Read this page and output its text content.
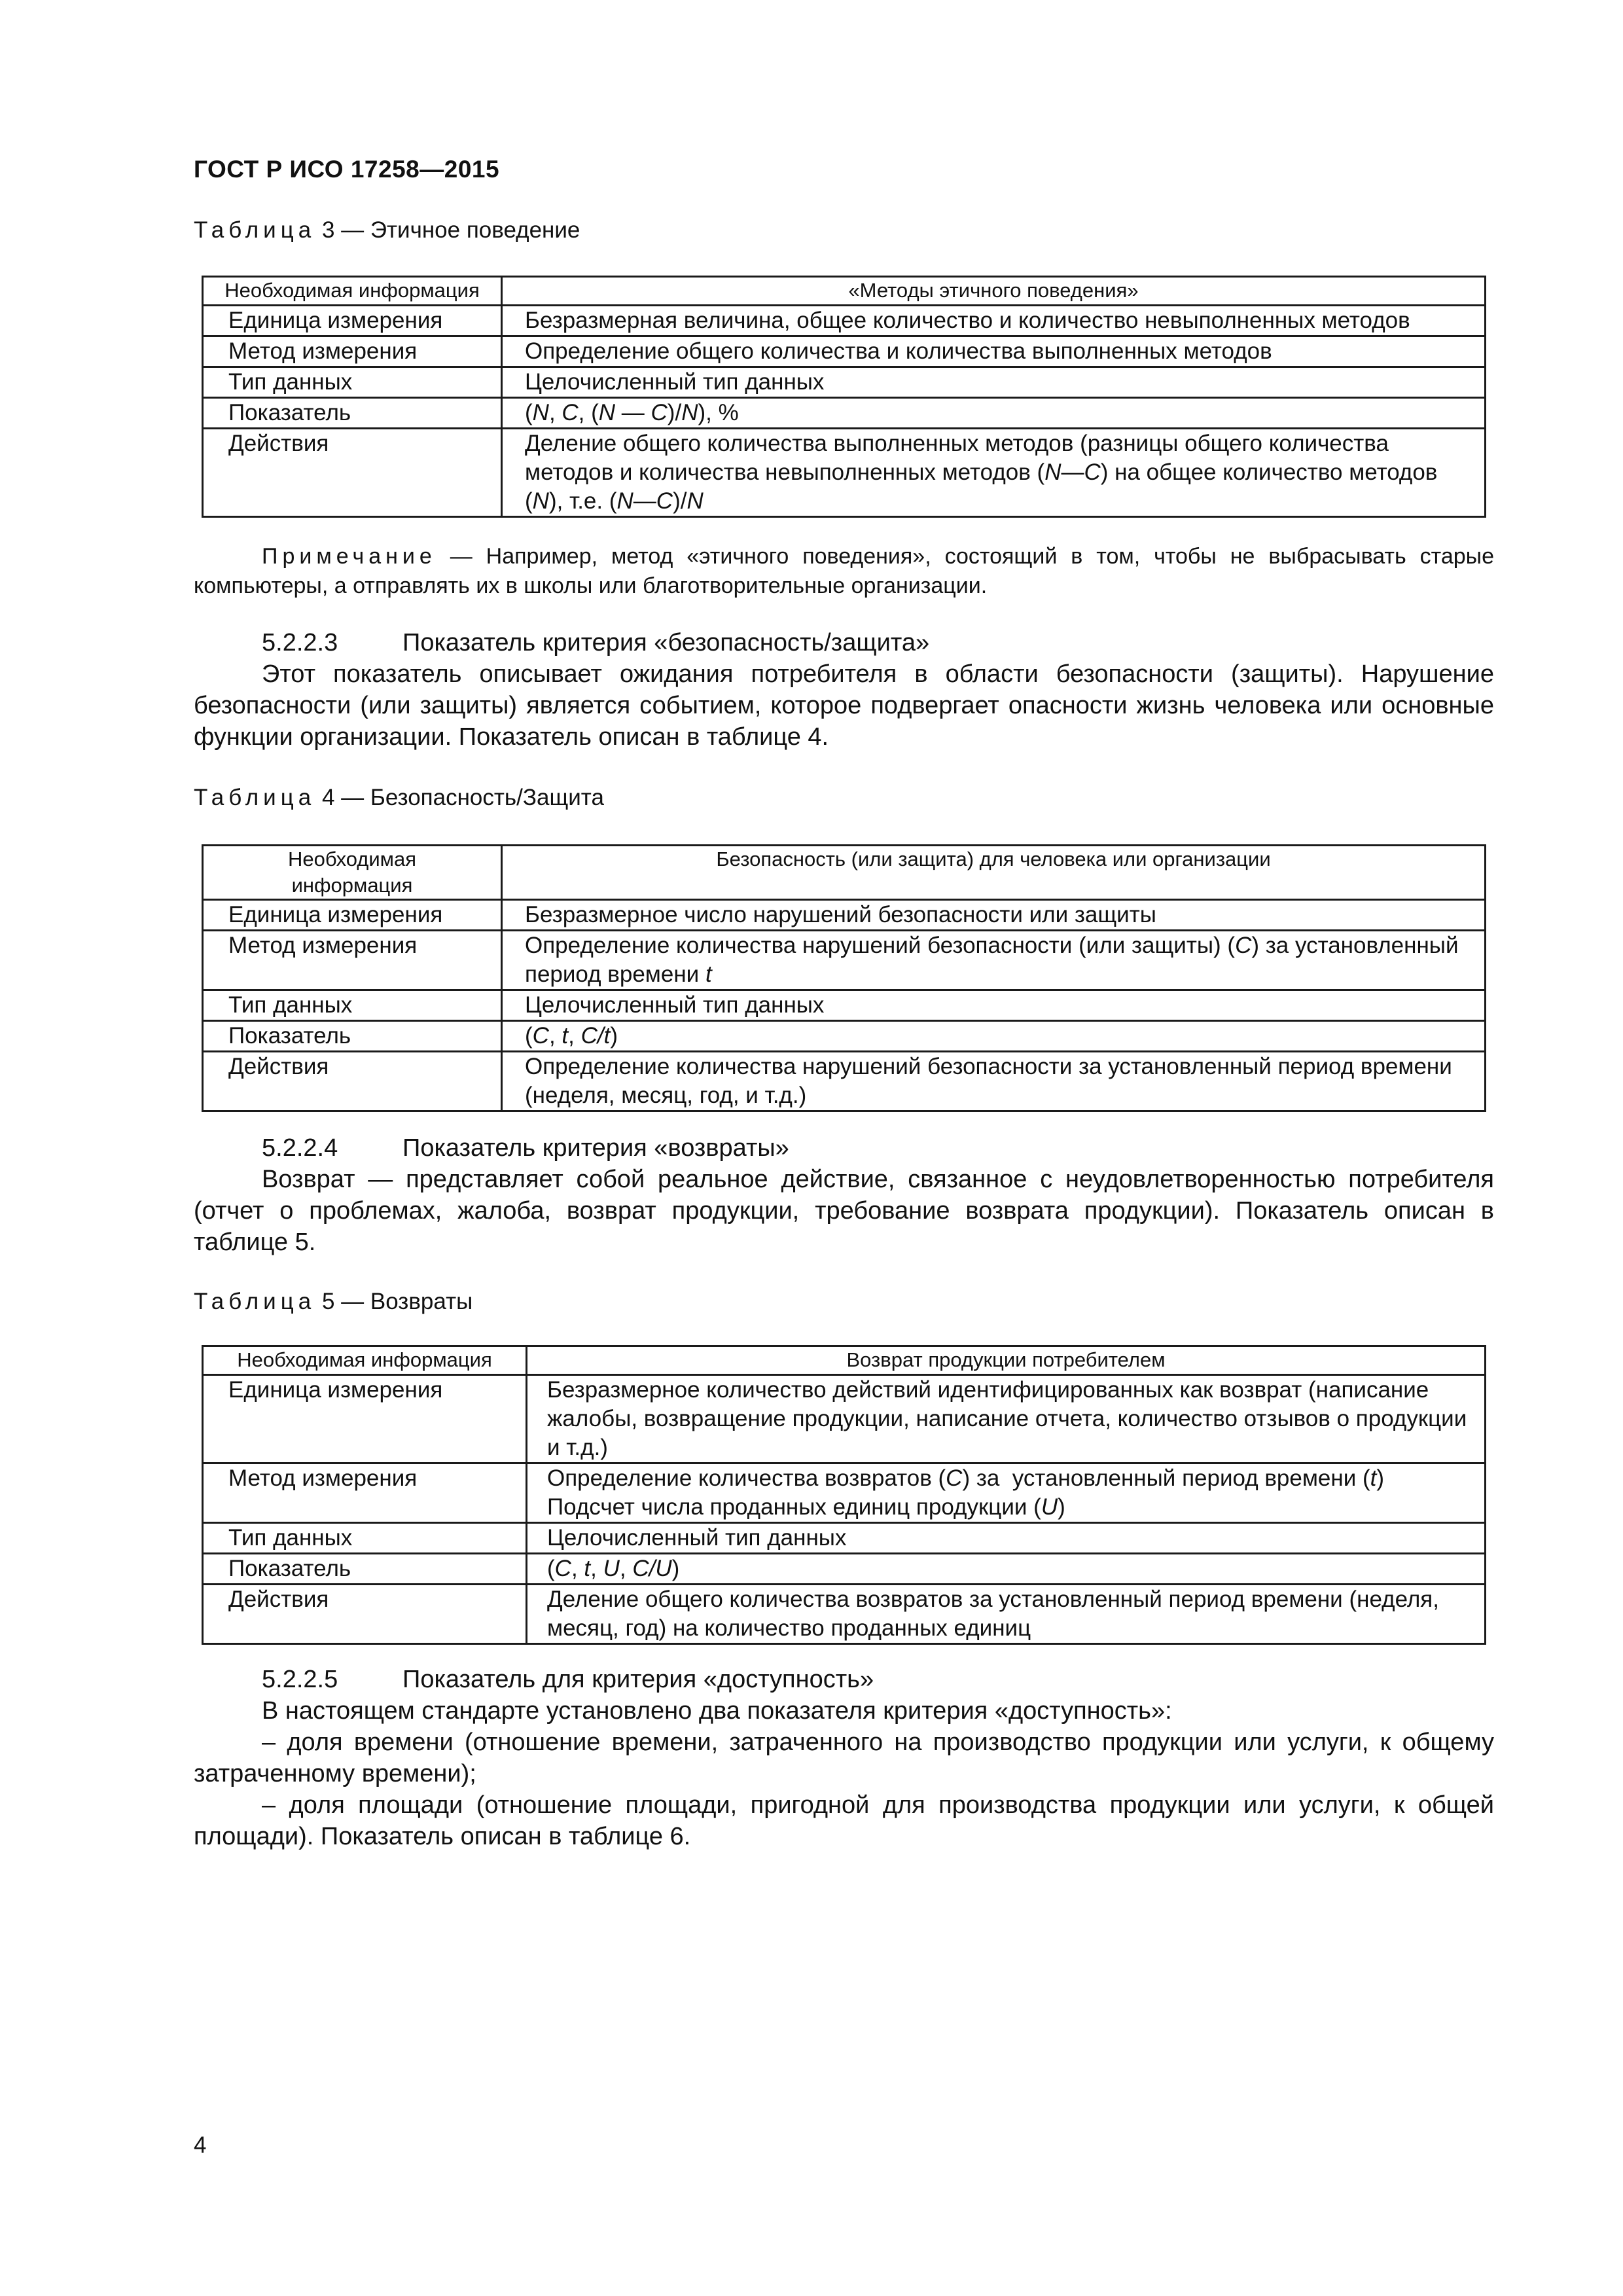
ГОСТ Р ИСО 17258—2015
Таблица 3 — Этичное поведение
Необходимая информация	«Методы этичного поведения»
Единица измерения	Безразмерная величина, общее количество и количество невыполненных методов
Метод измерения	Определение общего количества и количества выполненных методов
Тип данных	Целочисленный тип данных
Показатель	(N, C, (N — C)/N), %
Действия	Деление общего количества выполненных методов (разницы общего количества методов и количества невыполненных методов (N—C) на общее количество методов (N), т.е. (N—C)/N
Примечание — Например, метод «этичного поведения», состоящий в том, чтобы не выбрасывать старые компьютеры, а отправлять их в школы или благотворительные организации.
5.2.2.3	Показатель критерия «безопасность/защита»

Этот показатель описывает ожидания потребителя в области безопасности (защиты). Нарушение безопасности (или защиты) является событием, которое подвергает опасности жизнь человека или основные функции организации. Показатель описан в таблице 4.

Таблица 4 — Безопасность/Защита
Необходимая информация	Безопасность (или защита) для человека или организации
Единица измерения	Безразмерное число нарушений безопасности или защиты
Метод измерения	Определение количества нарушений безопасности (или защиты) (C) за установленный период времени t
Тип данных	Целочисленный тип данных
Показатель	(C, t, C/t)
Действия	Определение количества нарушений безопасности за установленный период времени (неделя, месяц, год, и т.д.)
5.2.2.4	Показатель критерия «возвраты»

Возврат — представляет собой реальное действие, связанное с неудовлетворенностью потребителя (отчет о проблемах, жалоба, возврат продукции, требование возврата продукции). Показатель описан в таблице 5.

Таблица 5 — Возвраты
Необходимая информация	Возврат продукции потребителем
Единица измерения	Безразмерное количество действий идентифицированных как возврат (написание жалобы, возвращение продукции, написание отчета, количество отзывов о продукции и т.д.)
Метод измерения	Определение количества возвратов (C) за  установленный период времени (t)
Подсчет числа проданных единиц продукции (U)

Тип данных	Целочисленный тип данных
Показатель	(C, t, U, C/U)
Действия	Деление общего количества возвратов за установленный период времени (неделя, месяц, год) на количество проданных единиц
5.2.2.5	Показатель для критерия «доступность»

В настоящем стандарте установлено два показателя критерия «доступность»:

– доля времени (отношение времени, затраченного на производство продукции или услуги, к общему затраченному времени);

– доля площади (отношение площади, пригодной для производства продукции или услуги, к общей площади). Показатель описан в таблице 6.

4
